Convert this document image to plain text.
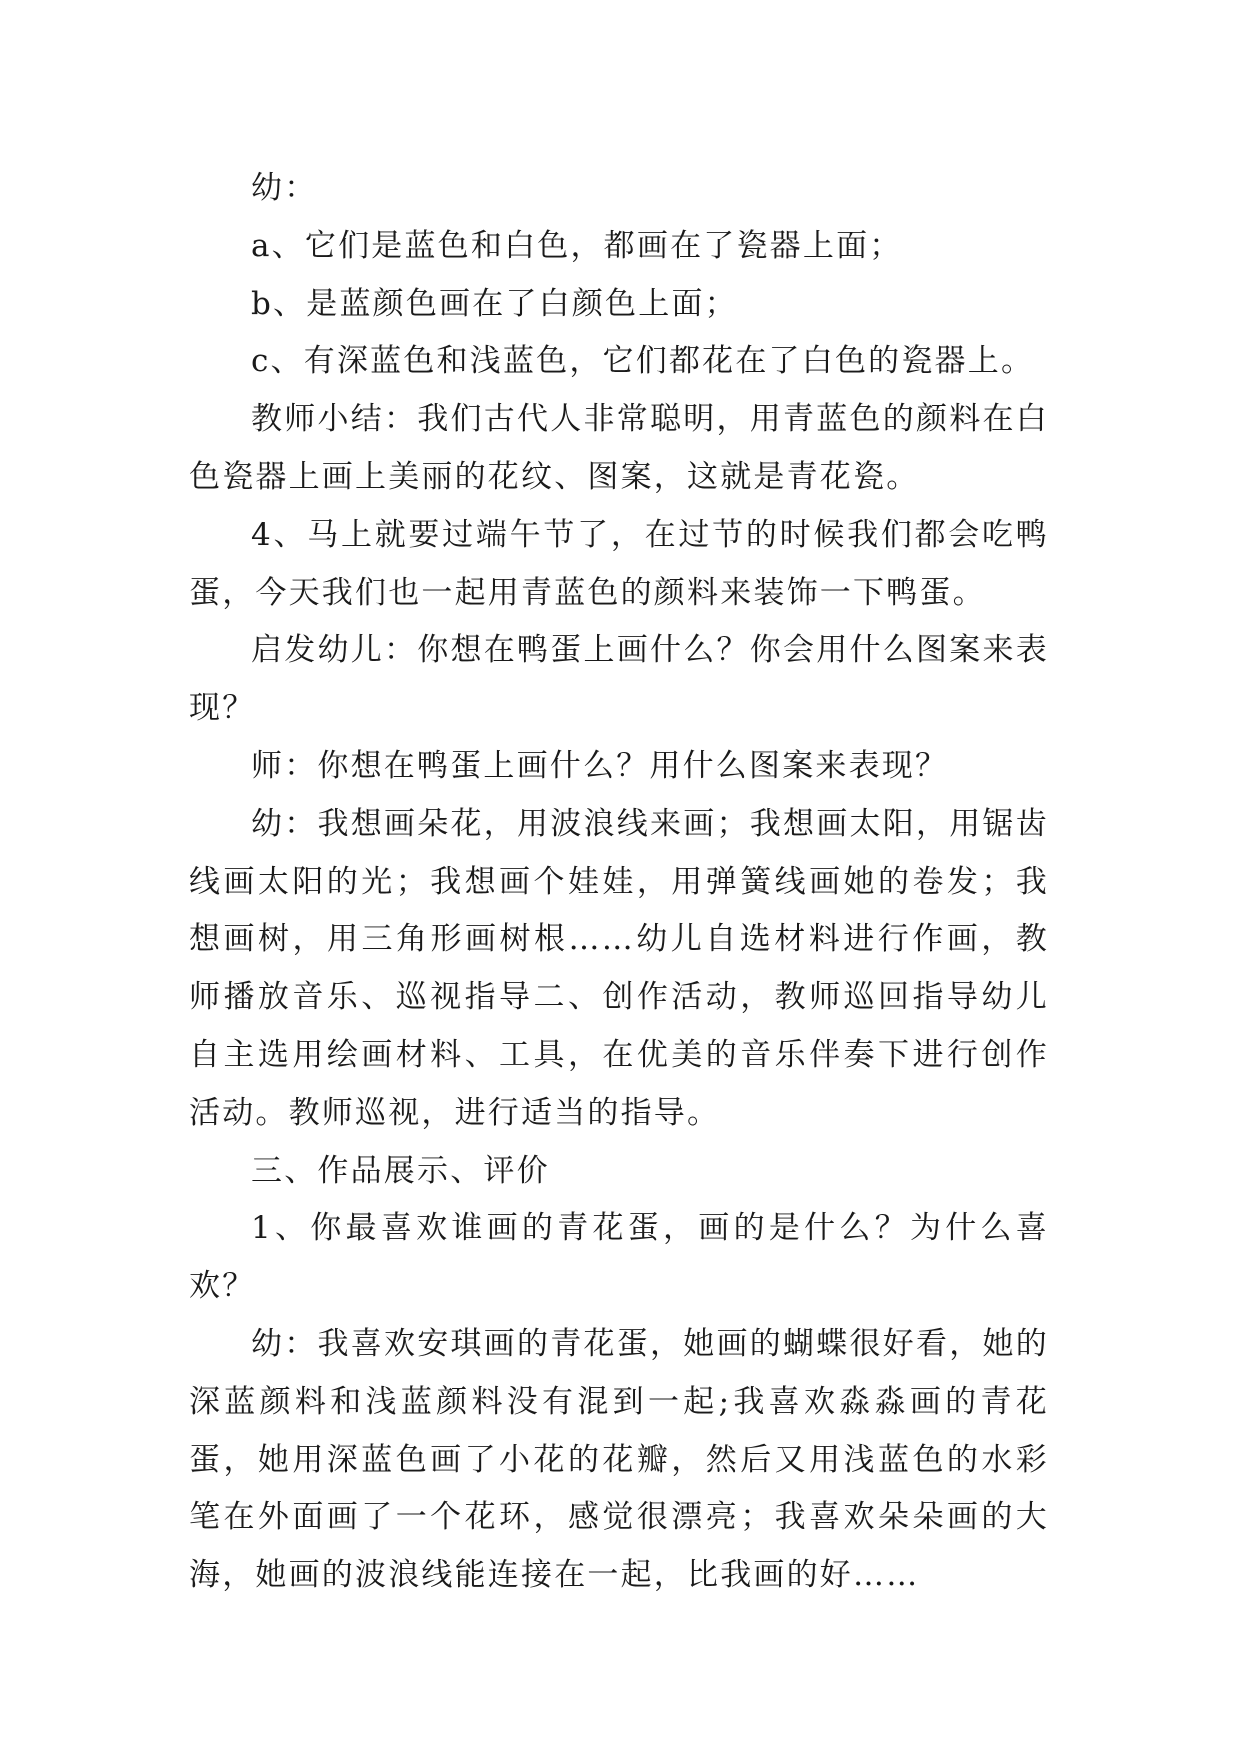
幼：

a、它们是蓝色和白色，都画在了瓷器上面；

b、是蓝颜色画在了白颜色上面；

c、有深蓝色和浅蓝色，它们都花在了白色的瓷器上。

教师小结：我们古代人非常聪明，用青蓝色的颜料在白色瓷器上画上美丽的花纹、图案，这就是青花瓷。

4、马上就要过端午节了，在过节的时候我们都会吃鸭蛋，今天我们也一起用青蓝色的颜料来装饰一下鸭蛋。

启发幼儿：你想在鸭蛋上画什么？你会用什么图案来表现？

师：你想在鸭蛋上画什么？用什么图案来表现？

幼：我想画朵花，用波浪线来画；我想画太阳，用锯齿线画太阳的光；我想画个娃娃，用弹簧线画她的卷发；我想画树，用三角形画树根……幼儿自选材料进行作画，教师播放音乐、巡视指导二、创作活动，教师巡回指导幼儿自主选用绘画材料、工具，在优美的音乐伴奏下进行创作活动。教师巡视，进行适当的指导。

三、作品展示、评价

1、你最喜欢谁画的青花蛋，画的是什么？为什么喜欢？

幼：我喜欢安琪画的青花蛋，她画的蝴蝶很好看，她的深蓝颜料和浅蓝颜料没有混到一起;我喜欢淼淼画的青花蛋，她用深蓝色画了小花的花瓣，然后又用浅蓝色的水彩笔在外面画了一个花环，感觉很漂亮；我喜欢朵朵画的大海，她画的波浪线能连接在一起，比我画的好……
